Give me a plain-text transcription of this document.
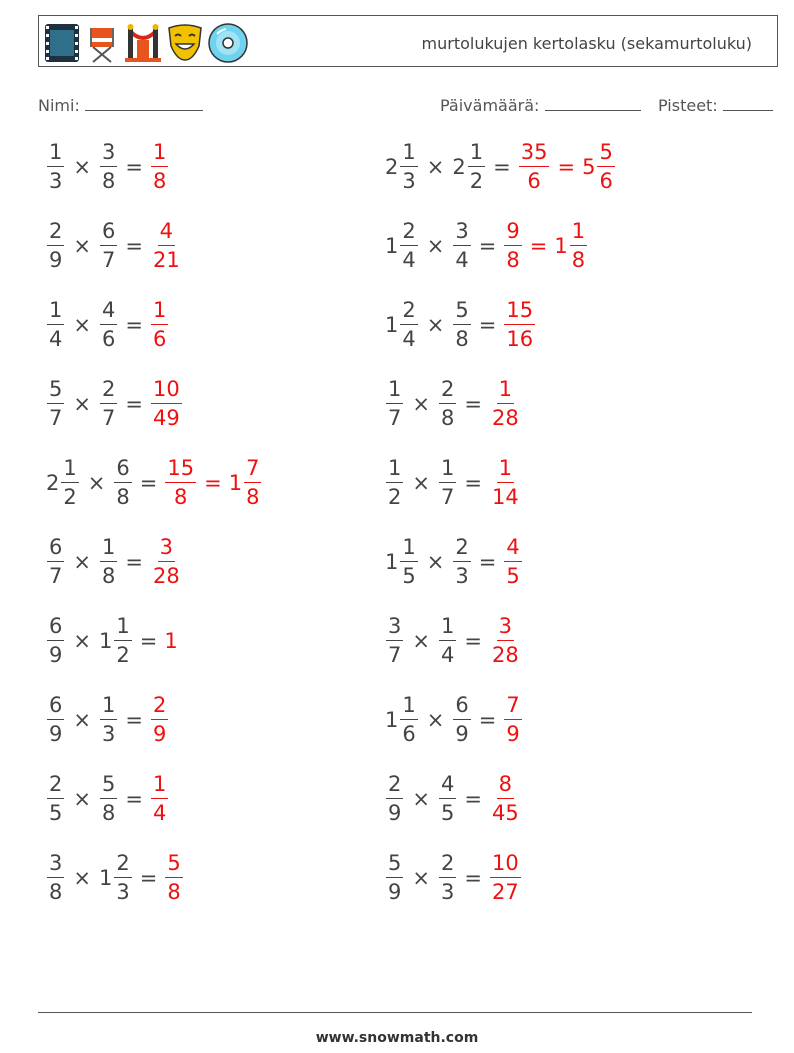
murtolukujen kertolasku (sekamurtoluku)
Nimi:	Päivämäärä:	Pisteet:
$\frac{1}{3} \times \frac{3}{8} = \frac{1}{8}$	$2 \frac{1}{3} \times 2 \frac{1}{2} = \frac{35}{6} = 5 \frac{5}{6}$
$\frac{2}{9} \times \frac{6}{7} = \frac{4}{21}$	$1 \frac{2}{4} \times \frac{3}{4} = \frac{9}{8} = 1 \frac{1}{8}$
$\frac{1}{4} \times \frac{4}{6} = \frac{1}{6}$	$1 \frac{2}{4} \times \frac{5}{8} = \frac{15}{16}$
$\frac{5}{7} \times \frac{2}{7} = \frac{10}{49}$	$\frac{1}{7} \times \frac{2}{8} = \frac{1}{28}$
$2 \frac{1}{2} \times \frac{6}{8} = \frac{15}{8} = 1 \frac{7}{8}$	$\frac{1}{2} \times \frac{1}{7} = \frac{1}{14}$
$\frac{6}{7} \times \frac{1}{8} = \frac{3}{28}$	$1 \frac{1}{5} \times \frac{2}{3} = \frac{4}{5}$
$\frac{6}{9} \times 1 \frac{1}{2} = 1$	$\frac{3}{7} \times \frac{1}{4} = \frac{3}{28}$
$\frac{6}{9} \times \frac{1}{3} = \frac{2}{9}$	$1 \frac{1}{6} \times \frac{6}{9} = \frac{7}{9}$
$\frac{2}{5} \times \frac{5}{8} = \frac{1}{4}$	$\frac{2}{9} \times \frac{4}{5} = \frac{8}{45}$
$\frac{3}{8} \times 1 \frac{2}{3} = \frac{5}{8}$	$\frac{5}{9} \times \frac{2}{3} = \frac{10}{27}$
www.snowmath.com
